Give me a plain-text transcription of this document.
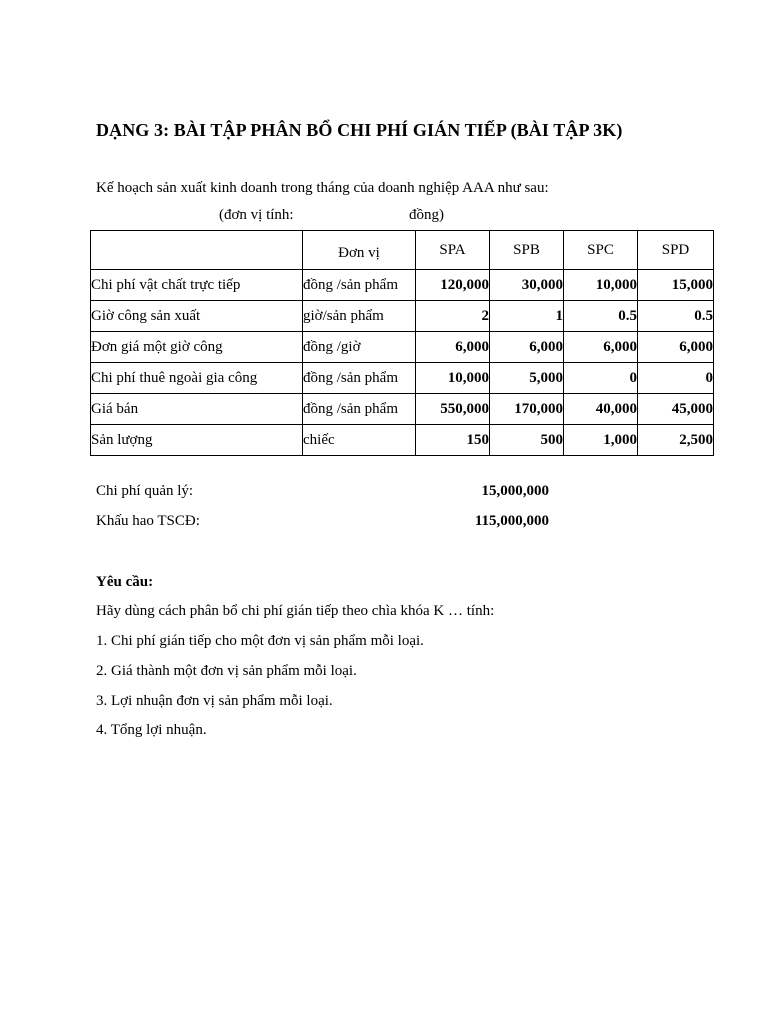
DẠNG 3: BÀI TẬP PHÂN BỔ CHI PHÍ GIÁN TIẾP (BÀI TẬP 3K)
Kế hoạch sản xuất kinh doanh trong tháng của doanh nghiệp AAA như sau:
(đơn vị tính:	đồng)
	Đơn vị	SPA	SPB	SPC	SPD
Chi phí vật chất trực tiếp	đồng /sản phẩm	120,000	30,000	10,000	15,000
Giờ công sản xuất	giờ/sản phẩm	2	1	0.5	0.5
Đơn giá một giờ công	đồng /giờ	6,000	6,000	6,000	6,000
Chi phí thuê ngoài gia công	đồng /sản phẩm	10,000	5,000	0	0
Giá bán	đồng /sản phẩm	550,000	170,000	40,000	45,000
Sản lượng	chiếc	150	500	1,000	2,500
Chi phí quản lý:	15,000,000
Khấu hao TSCĐ:	115,000,000
Yêu cầu:
Hãy dùng cách phân bổ chi phí gián tiếp theo chìa khóa K … tính:
1. Chi phí gián tiếp cho một đơn vị sản phẩm mỗi loại.
2. Giá thành một đơn vị sản phẩm mỗi loại.
3. Lợi nhuận đơn vị sản phẩm mỗi loại.
4. Tổng lợi nhuận.
